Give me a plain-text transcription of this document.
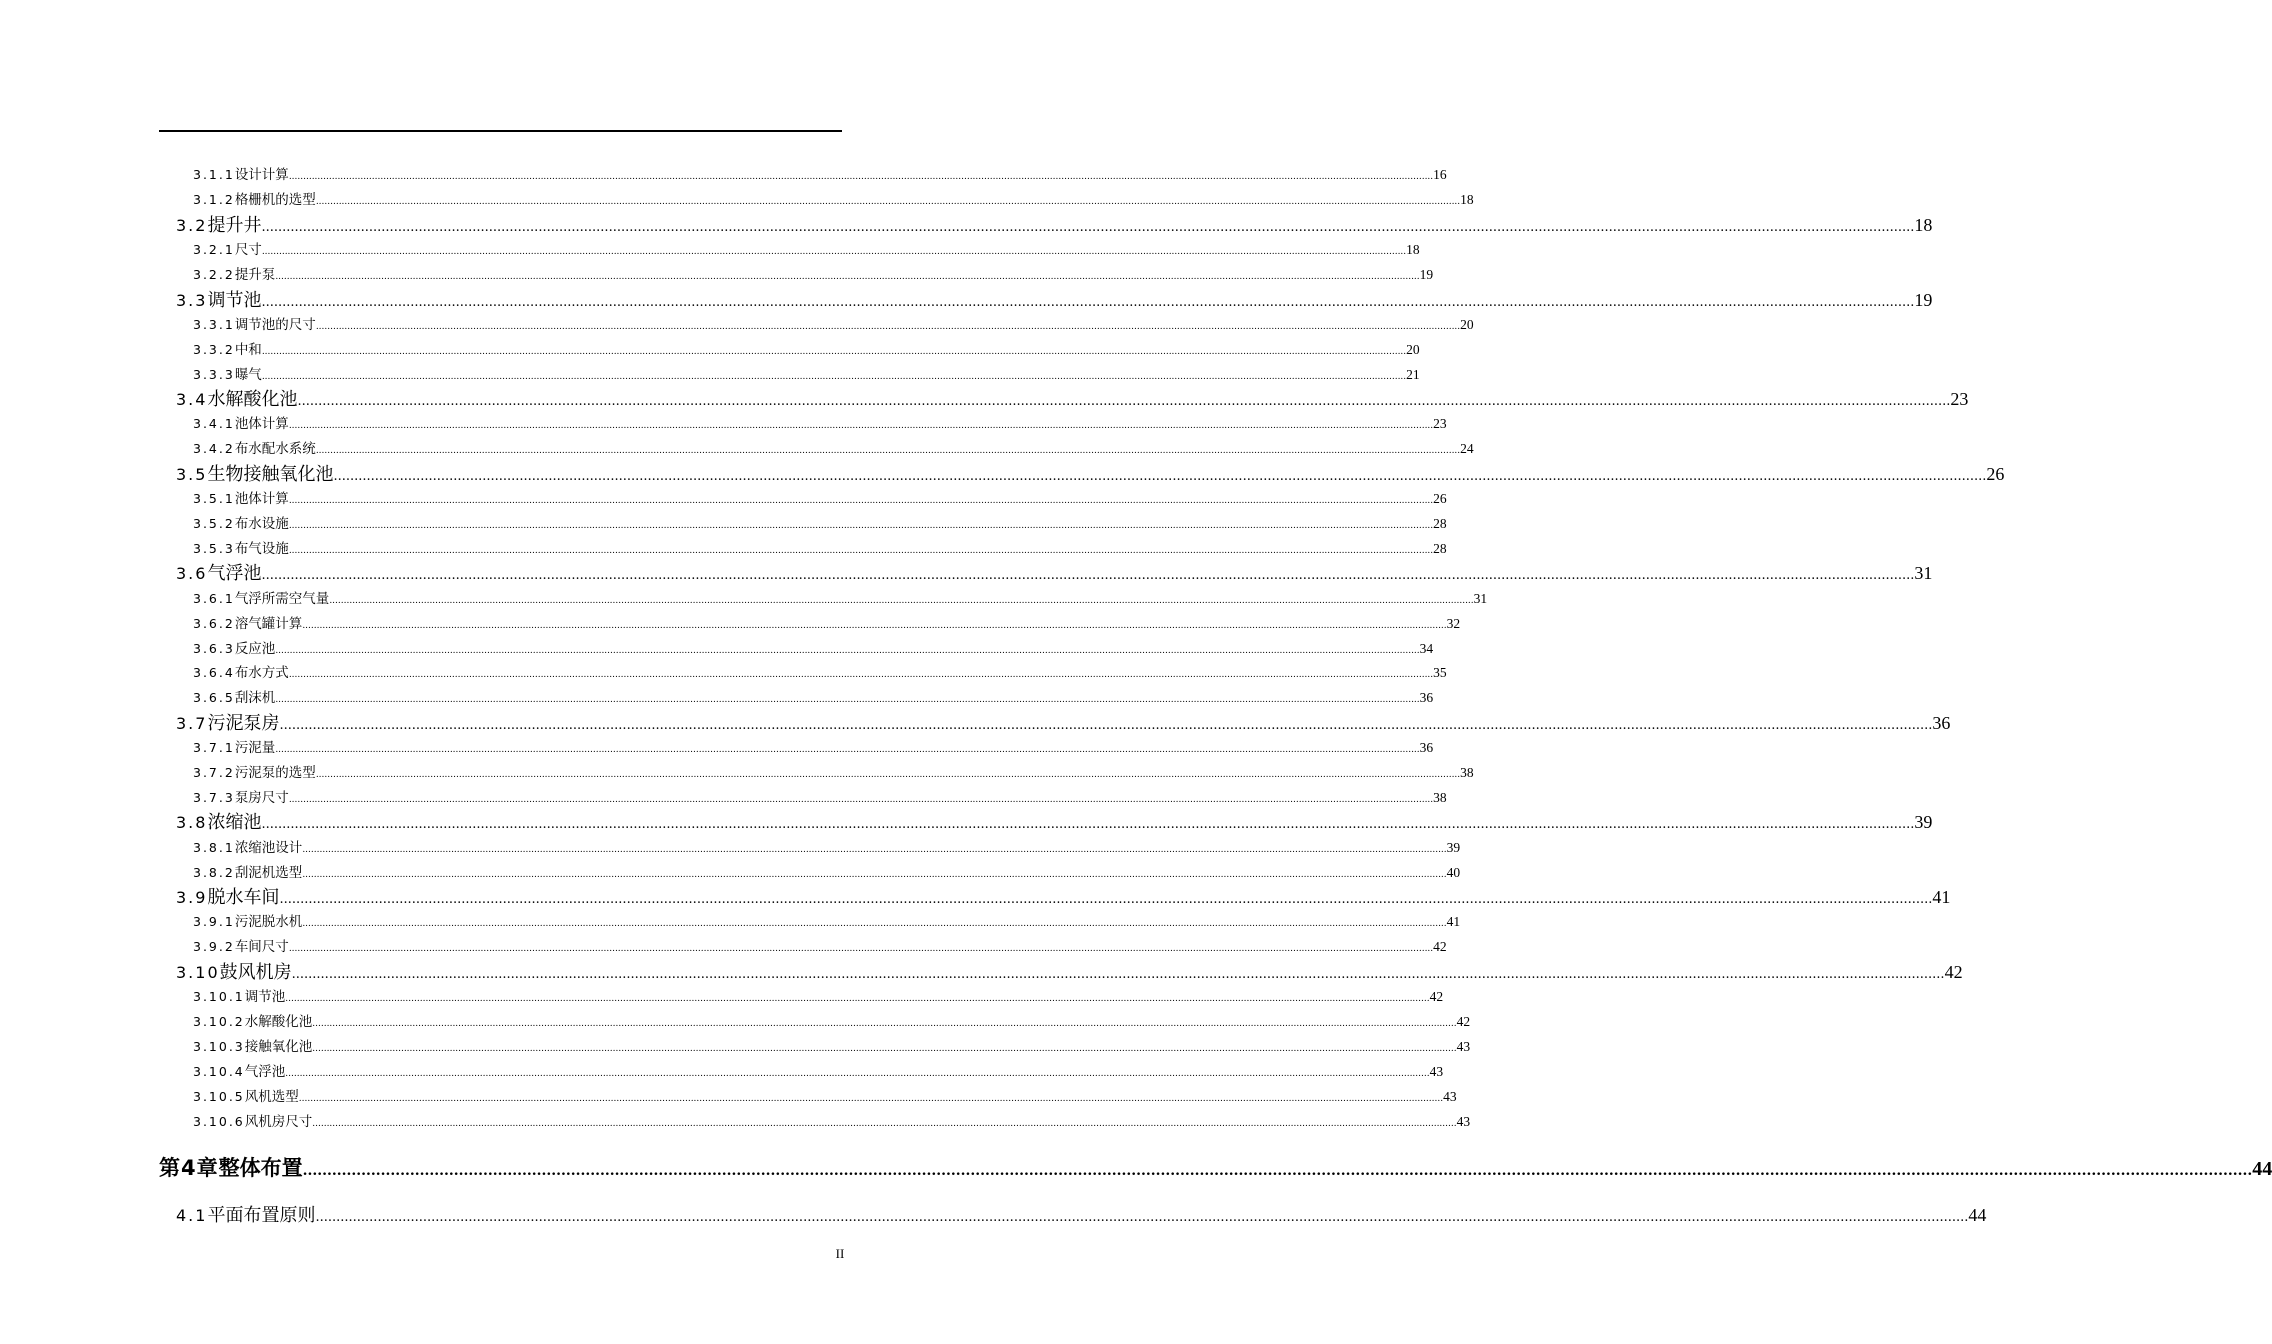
3.1.1 设计计算 ................................................................................................................................................................................................................................................................................................................................................................................................................ 16
3.1.2 格栅机的选型 ................................................................................................................................................................................................................................................................................................................................................................................................................ 18
3.2 提升井 ................................................................................................................................................................................................................................................................................................................................................................................................................ 18
3.2.1 尺寸 ................................................................................................................................................................................................................................................................................................................................................................................................................ 18
3.2.2 提升泵 ................................................................................................................................................................................................................................................................................................................................................................................................................ 19
3.3 调节池 ................................................................................................................................................................................................................................................................................................................................................................................................................ 19
3.3.1 调节池的尺寸 ................................................................................................................................................................................................................................................................................................................................................................................................................ 20
3.3.2 中和 ................................................................................................................................................................................................................................................................................................................................................................................................................ 20
3.3.3 曝气 ................................................................................................................................................................................................................................................................................................................................................................................................................ 21
3.4 水解酸化池 ................................................................................................................................................................................................................................................................................................................................................................................................................ 23
3.4.1 池体计算 ................................................................................................................................................................................................................................................................................................................................................................................................................ 23
3.4.2 布水配水系统 ................................................................................................................................................................................................................................................................................................................................................................................................................ 24
3.5 生物接触氧化池 ................................................................................................................................................................................................................................................................................................................................................................................................................ 26
3.5.1 池体计算 ................................................................................................................................................................................................................................................................................................................................................................................................................ 26
3.5.2 布水设施 ................................................................................................................................................................................................................................................................................................................................................................................................................ 28
3.5.3 布气设施 ................................................................................................................................................................................................................................................................................................................................................................................................................ 28
3.6 气浮池 ................................................................................................................................................................................................................................................................................................................................................................................................................ 31
3.6.1 气浮所需空气量 ................................................................................................................................................................................................................................................................................................................................................................................................................ 31
3.6.2 溶气罐计算 ................................................................................................................................................................................................................................................................................................................................................................................................................ 32
3.6.3 反应池 ................................................................................................................................................................................................................................................................................................................................................................................................................ 34
3.6.4 布水方式 ................................................................................................................................................................................................................................................................................................................................................................................................................ 35
3.6.5 刮沫机 ................................................................................................................................................................................................................................................................................................................................................................................................................ 36
3.7 污泥泵房 ................................................................................................................................................................................................................................................................................................................................................................................................................ 36
3.7.1 污泥量 ................................................................................................................................................................................................................................................................................................................................................................................................................ 36
3.7.2 污泥泵的选型 ................................................................................................................................................................................................................................................................................................................................................................................................................ 38
3.7.3 泵房尺寸 ................................................................................................................................................................................................................................................................................................................................................................................................................ 38
3.8 浓缩池 ................................................................................................................................................................................................................................................................................................................................................................................................................ 39
3.8.1 浓缩池设计 ................................................................................................................................................................................................................................................................................................................................................................................................................ 39
3.8.2 刮泥机选型 ................................................................................................................................................................................................................................................................................................................................................................................................................ 40
3.9 脱水车间 ................................................................................................................................................................................................................................................................................................................................................................................................................ 41
3.9.1 污泥脱水机 ................................................................................................................................................................................................................................................................................................................................................................................................................ 41
3.9.2 车间尺寸 ................................................................................................................................................................................................................................................................................................................................................................................................................ 42
3.10 鼓风机房 ................................................................................................................................................................................................................................................................................................................................................................................................................ 42
3.10.1 调节池 ................................................................................................................................................................................................................................................................................................................................................................................................................ 42
3.10.2 水解酸化池 ................................................................................................................................................................................................................................................................................................................................................................................................................ 42
3.10.3 接触氧化池 ................................................................................................................................................................................................................................................................................................................................................................................................................ 43
3.10.4 气浮池 ................................................................................................................................................................................................................................................................................................................................................................................................................ 43
3.10.5 风机选型 ................................................................................................................................................................................................................................................................................................................................................................................................................ 43
3.10.6 风机房尺寸 ................................................................................................................................................................................................................................................................................................................................................................................................................ 43
第4章 整体布置 ................................................................................................................................................................................................................................................................................................................................................................................................................ 44
4.1 平面布置原则 ................................................................................................................................................................................................................................................................................................................................................................................................................ 44
II
